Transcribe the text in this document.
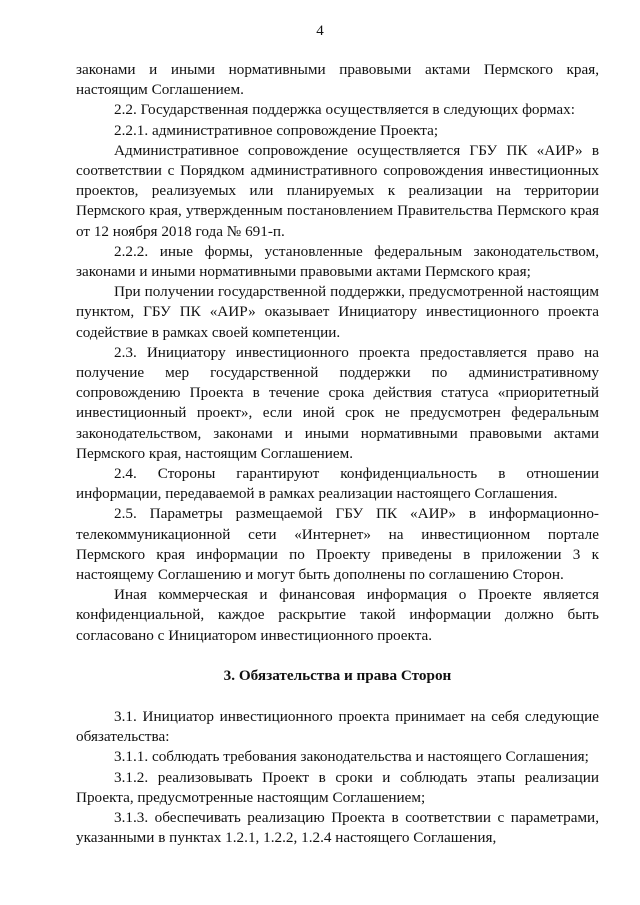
4

законами и иными нормативными правовыми актами Пермского края, настоящим Соглашением.

2.2. Государственная поддержка осуществляется в следующих формах:

2.2.1. административное сопровождение Проекта;

Административное сопровождение осуществляется ГБУ ПК «АИР» в соответствии с Порядком административного сопровождения инвестиционных проектов, реализуемых или планируемых к реализации на территории Пермского края, утвержденным постановлением Правительства Пермского края от 12 ноября 2018 года № 691-п.

2.2.2. иные формы, установленные федеральным законодательством, законами и иными нормативными правовыми актами Пермского края;

При получении государственной поддержки, предусмотренной настоящим пунктом, ГБУ ПК «АИР» оказывает Инициатору инвестиционного проекта содействие в рамках своей компетенции.

2.3. Инициатору инвестиционного проекта предоставляется право на получение мер государственной поддержки по административному сопровождению Проекта в течение срока действия статуса «приоритетный инвестиционный проект», если иной срок не предусмотрен федеральным законодательством, законами и иными нормативными правовыми актами Пермского края, настоящим Соглашением.

2.4. Стороны гарантируют конфиденциальность в отношении информации, передаваемой в рамках реализации настоящего Соглашения.

2.5. Параметры размещаемой ГБУ ПК «АИР» в информационно-телекоммуникационной сети «Интернет» на инвестиционном портале Пермского края информации по Проекту приведены в приложении 3 к настоящему Соглашению и могут быть дополнены по соглашению Сторон.

Иная коммерческая и финансовая информация о Проекте является конфиденциальной, каждое раскрытие такой информации должно быть согласовано с Инициатором инвестиционного проекта.

3. Обязательства и права Сторон

3.1. Инициатор инвестиционного проекта принимает на себя следующие обязательства:

3.1.1. соблюдать требования законодательства и настоящего Соглашения;

3.1.2. реализовывать Проект в сроки и соблюдать этапы реализации Проекта, предусмотренные настоящим Соглашением;

3.1.3. обеспечивать реализацию Проекта в соответствии с параметрами, указанными в пунктах 1.2.1, 1.2.2, 1.2.4 настоящего Соглашения,
